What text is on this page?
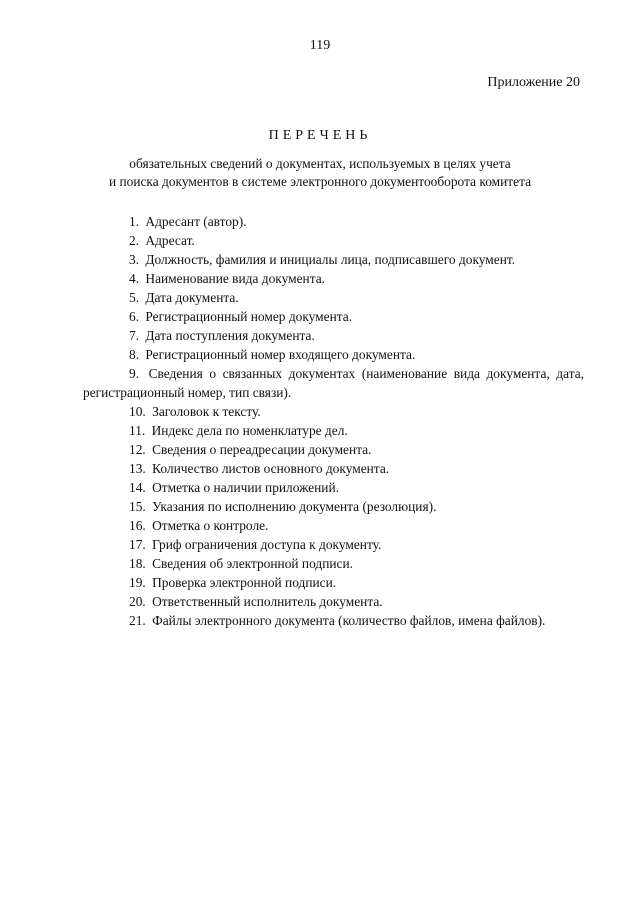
119
Приложение 20
ПЕРЕЧЕНЬ
обязательных сведений о документах, используемых в целях учета
и поиска документов в системе электронного документооборота комитета

1. Адресант (автор).

2. Адресат.

3. Должность, фамилия и инициалы лица, подписавшего документ.

4. Наименование вида документа.

5. Дата документа.

6. Регистрационный номер документа.

7. Дата поступления документа.

8. Регистрационный номер входящего документа.

9. Сведения о связанных документах (наименование вида документа, дата, регистрационный номер, тип связи).

10. Заголовок к тексту.

11. Индекс дела по номенклатуре дел.

12. Сведения о переадресации документа.

13. Количество листов основного документа.

14. Отметка о наличии приложений.

15. Указания по исполнению документа (резолюция).

16. Отметка о контроле.

17. Гриф ограничения доступа к документу.

18. Сведения об электронной подписи.

19. Проверка электронной подписи.

20. Ответственный исполнитель документа.

21. Файлы электронного документа (количество файлов, имена файлов).
